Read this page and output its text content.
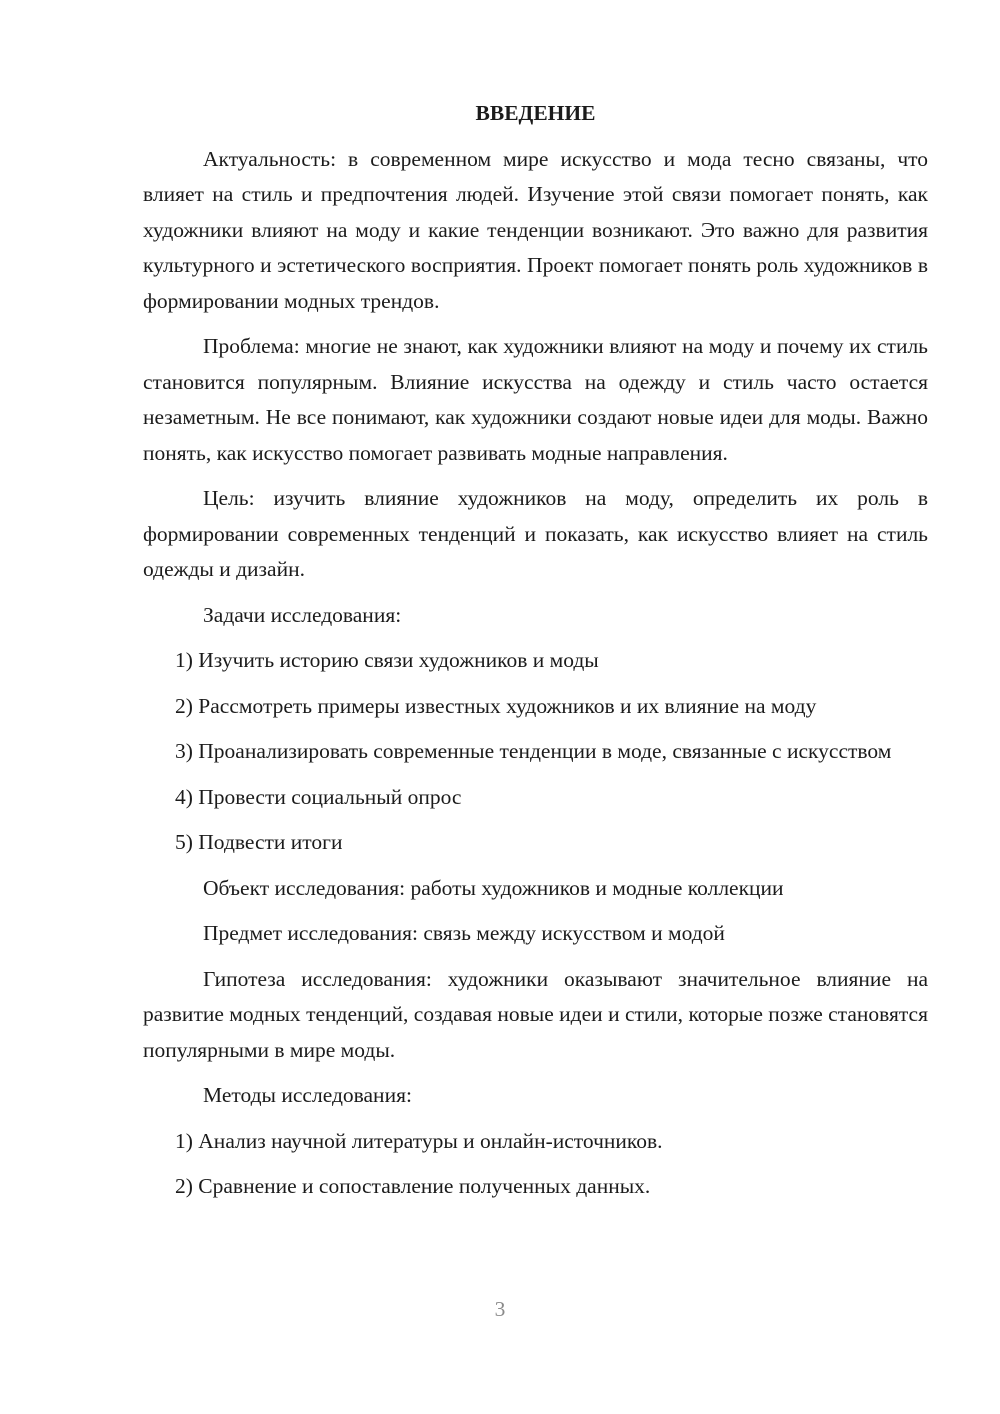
ВВЕДЕНИЕ
Актуальность: в современном мире искусство и мода тесно связаны, что влияет на стиль и предпочтения людей. Изучение этой связи помогает понять, как художники влияют на моду и какие тенденции возникают. Это важно для развития культурного и эстетического восприятия. Проект помогает понять роль художников в формировании модных трендов.
Проблема: многие не знают, как художники влияют на моду и почему их стиль становится популярным. Влияние искусства на одежду и стиль часто остается незаметным. Не все понимают, как художники создают новые идеи для моды. Важно понять, как искусство помогает развивать модные направления.
Цель: изучить влияние художников на моду, определить их роль в формировании современных тенденций и показать, как искусство влияет на стиль одежды и дизайн.
Задачи исследования:
1) Изучить историю связи художников и моды
2) Рассмотреть примеры известных художников и их влияние на моду
3) Проанализировать современные тенденции в моде, связанные с искусством
4) Провести социальный опрос
5) Подвести итоги
Объект исследования: работы художников и модные коллекции
Предмет исследования: связь между искусством и модой
Гипотеза исследования: художники оказывают значительное влияние на развитие модных тенденций, создавая новые идеи и стили, которые позже становятся популярными в мире моды.
Методы исследования:
1) Анализ научной литературы и онлайн-источников.
2) Сравнение и сопоставление полученных данных.
3
